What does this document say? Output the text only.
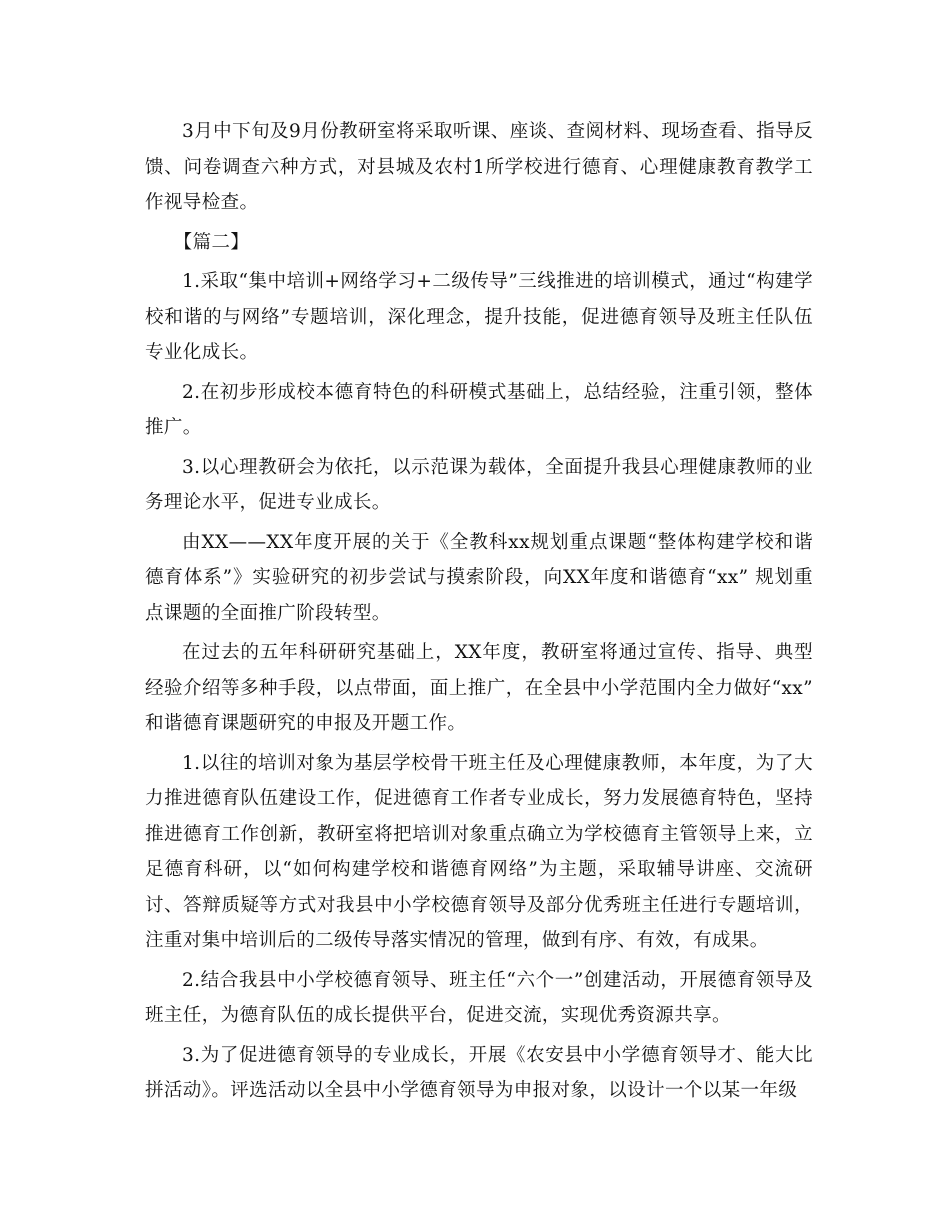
3月中下旬及9月份教研室将采取听课、座谈、查阅材料、现场查看、指导反馈、问卷调查六种方式，对县城及农村1所学校进行德育、心理健康教育教学工作视导检查。

【篇二】

1.采取“集中培训+网络学习+二级传导”三线推进的培训模式，通过“构建学校和谐的与网络”专题培训，深化理念，提升技能，促进德育领导及班主任队伍专业化成长。

2.在初步形成校本德育特色的科研模式基础上，总结经验，注重引领，整体推广。

3.以心理教研会为依托，以示范课为载体，全面提升我县心理健康教师的业务理论水平，促进专业成长。

由XX——XX年度开展的关于《全教科xx规划重点课题“整体构建学校和谐德育体系”》实验研究的初步尝试与摸索阶段，向XX年度和谐德育“xx” 规划重点课题的全面推广阶段转型。

在过去的五年科研研究基础上，XX年度，教研室将通过宣传、指导、典型经验介绍等多种手段，以点带面，面上推广，在全县中小学范围内全力做好“xx” 和谐德育课题研究的申报及开题工作。

1.以往的培训对象为基层学校骨干班主任及心理健康教师，本年度，为了大力推进德育队伍建设工作，促进德育工作者专业成长，努力发展德育特色，坚持推进德育工作创新，教研室将把培训对象重点确立为学校德育主管领导上来，立足德育科研，以“如何构建学校和谐德育网络”为主题，采取辅导讲座、交流研讨、答辩质疑等方式对我县中小学校德育领导及部分优秀班主任进行专题培训，注重对集中培训后的二级传导落实情况的管理，做到有序、有效，有成果。

2.结合我县中小学校德育领导、班主任“六个一”创建活动，开展德育领导及班主任，为德育队伍的成长提供平台，促进交流，实现优秀资源共享。

3.为了促进德育领导的专业成长，开展《农安县中小学德育领导才、能大比拼活动》。评选活动以全县中小学德育领导为申报对象，以设计一个以某一年级
